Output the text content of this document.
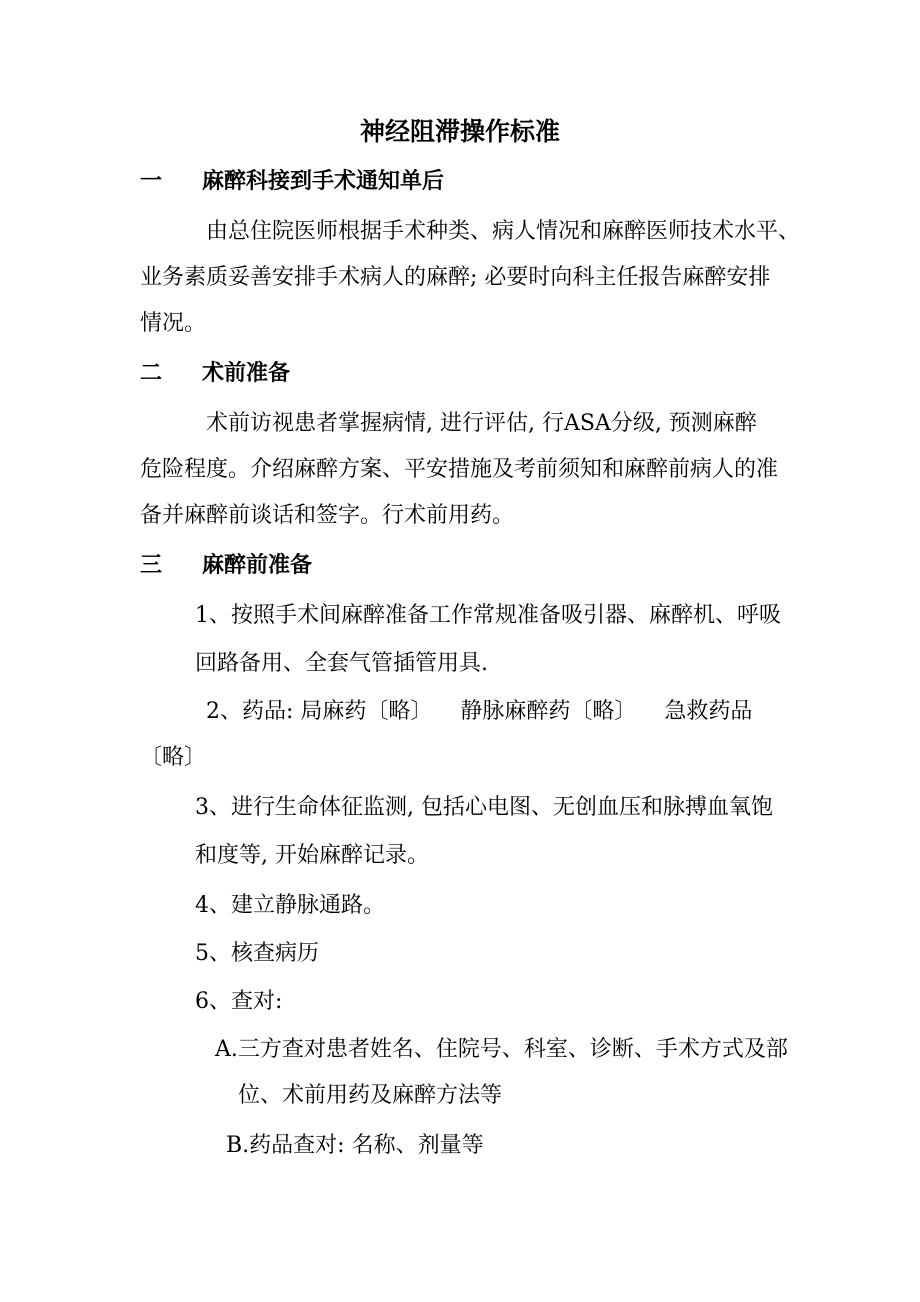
神经阻滞操作标准
一 麻醉科接到手术通知单后
由总住院医师根据手术种类、病人情况和麻醉医师技术水平、
业务素质妥善安排手术病人的麻醉; 必要时向科主任报告麻醉安排
情况。
二 术前准备
术前访视患者掌握病情, 进行评估, 行ASA分级, 预测麻醉
危险程度。介绍麻醉方案、平安措施及考前须知和麻醉前病人的准
备并麻醉前谈话和签字。行术前用药。
三 麻醉前准备
1、按照手术间麻醉准备工作常规准备吸引器、麻醉机、呼吸
回路备用、全套气管插管用具.
2、药品: 局麻药〔略〕    静脉麻醉药〔略〕    急救药品
〔略〕
3、进行生命体征监测, 包括心电图、无创血压和脉搏血氧饱
和度等, 开始麻醉记录。
4、建立静脉通路。
5、核查病历
6、查对:
A.三方查对患者姓名、住院号、科室、诊断、手术方式及部
位、术前用药及麻醉方法等
B.药品查对: 名称、剂量等
